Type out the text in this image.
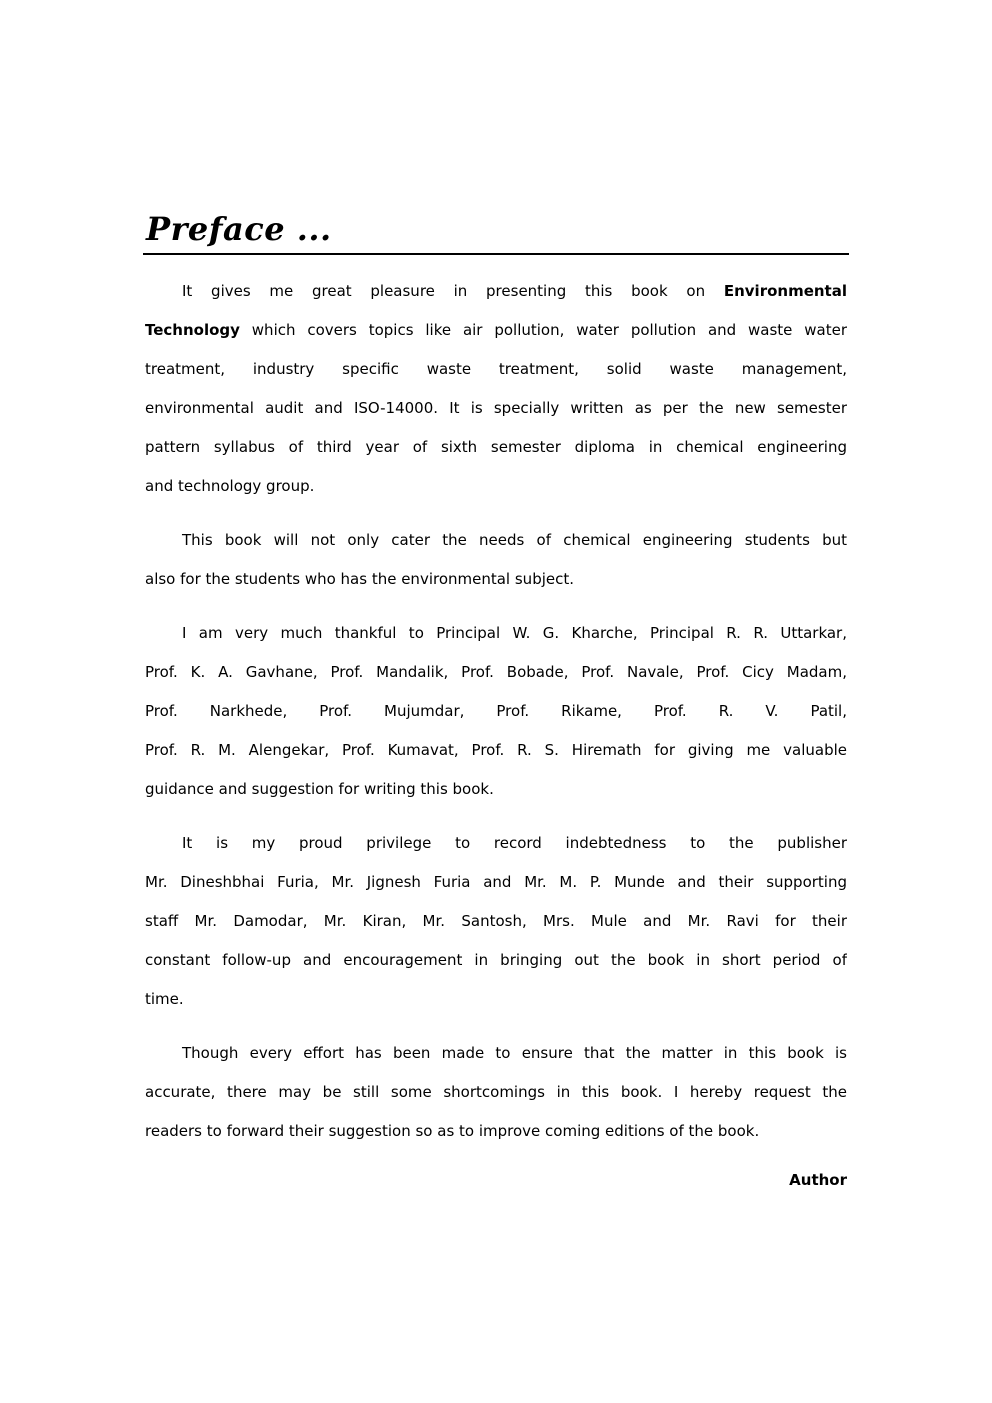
Preface ...
It gives me great pleasure in presenting this book on Environmental
Technology which covers topics like air pollution, water pollution and waste water
treatment, industry specific waste treatment, solid waste management,
environmental audit and ISO-14000. It is specially written as per the new semester
pattern syllabus of third year of sixth semester diploma in chemical engineering
and technology group.
This book will not only cater the needs of chemical engineering students but
also for the students who has the environmental subject.
I am very much thankful to Principal W. G. Kharche, Principal R. R. Uttarkar,
Prof. K. A. Gavhane, Prof. Mandalik, Prof. Bobade, Prof. Navale, Prof. Cicy Madam,
Prof. Narkhede, Prof. Mujumdar, Prof. Rikame, Prof. R. V. Patil,
Prof. R. M. Alengekar, Prof. Kumavat, Prof. R. S. Hiremath for giving me valuable
guidance and suggestion for writing this book.
It is my proud privilege to record indebtedness to the publisher
Mr. Dineshbhai Furia, Mr. Jignesh Furia and Mr. M. P. Munde and their supporting
staff Mr. Damodar, Mr. Kiran, Mr. Santosh, Mrs. Mule and Mr. Ravi for their
constant follow-up and encouragement in bringing out the book in short period of
time.
Though every effort has been made to ensure that the matter in this book is
accurate, there may be still some shortcomings in this book. I hereby request the
readers to forward their suggestion so as to improve coming editions of the book.
Author
